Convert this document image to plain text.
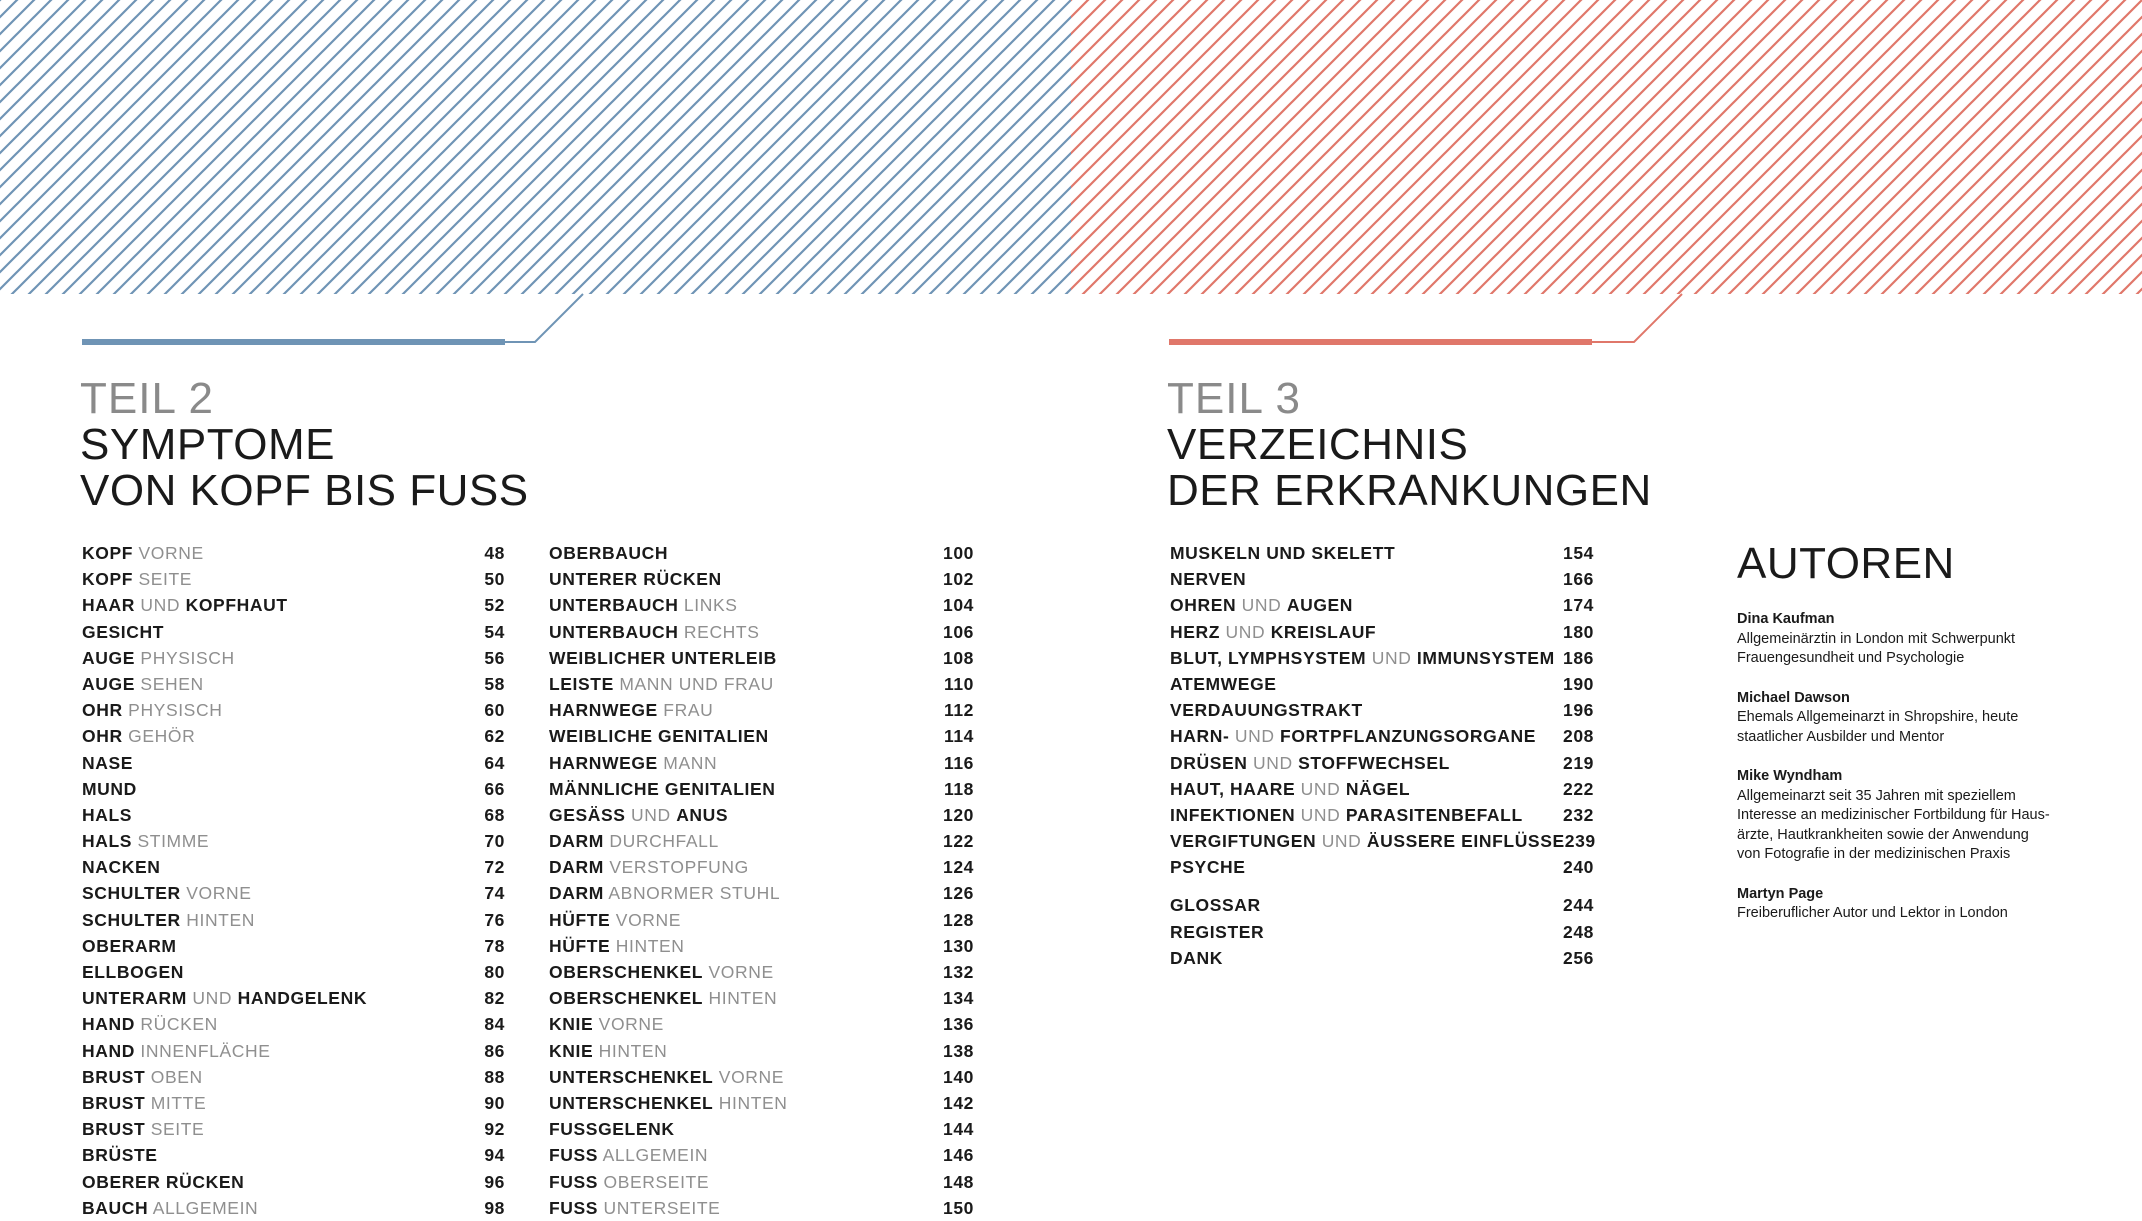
TEIL 2
SYMPTOME
VON KOPF BIS FUSS
TEIL 3
VERZEICHNIS
DER ERKRANKUNGEN
KOPF VORNE	48
KOPF SEITE	50
HAAR UND KOPFHAUT	52
GESICHT	54
AUGE PHYSISCH	56
AUGE SEHEN	58
OHR PHYSISCH	60
OHR GEHÖR	62
NASE	64
MUND	66
HALS	68
HALS STIMME	70
NACKEN	72
SCHULTER VORNE	74
SCHULTER HINTEN	76
OBERARM	78
ELLBOGEN	80
UNTERARM UND HANDGELENK	82
HAND RÜCKEN	84
HAND INNENFLÄCHE	86
BRUST OBEN	88
BRUST MITTE	90
BRUST SEITE	92
BRÜSTE	94
OBERER RÜCKEN	96
BAUCH ALLGEMEIN	98
OBERBAUCH	100
UNTERER RÜCKEN	102
UNTERBAUCH LINKS	104
UNTERBAUCH RECHTS	106
WEIBLICHER UNTERLEIB	108
LEISTE MANN UND FRAU	110
HARNWEGE FRAU	112
WEIBLICHE GENITALIEN	114
HARNWEGE MANN	116
MÄNNLICHE GENITALIEN	118
GESÄSS UND ANUS	120
DARM DURCHFALL	122
DARM VERSTOPFUNG	124
DARM ABNORMER STUHL	126
HÜFTE VORNE	128
HÜFTE HINTEN	130
OBERSCHENKEL VORNE	132
OBERSCHENKEL HINTEN	134
KNIE VORNE	136
KNIE HINTEN	138
UNTERSCHENKEL VORNE	140
UNTERSCHENKEL HINTEN	142
FUSSGELENK	144
FUSS ALLGEMEIN	146
FUSS OBERSEITE	148
FUSS UNTERSEITE	150
MUSKELN UND SKELETT	154
NERVEN	166
OHREN UND AUGEN	174
HERZ UND KREISLAUF	180
BLUT, LYMPHSYSTEM UND IMMUNSYSTEM 186
ATEMWEGE	190
VERDAUUNGSTRAKT	196
HARN- UND FORTPFLANZUNGSORGANE 208
DRÜSEN UND STOFFWECHSEL	219
HAUT, HAARE UND NÄGEL	222
INFEKTIONEN UND PARASITENBEFALL 232
VERGIFTUNGEN UND ÄUSSERE EINFLÜSSE 239
PSYCHE	240
GLOSSAR	244
REGISTER	248
DANK	256
AUTOREN
Dina Kaufman
Allgemeinärztin in London mit Schwerpunkt
Frauengesundheit und Psychologie
Michael Dawson
Ehemals Allgemeinarzt in Shropshire, heute
staatlicher Ausbilder und Mentor
Mike Wyndham
Allgemeinarzt seit 35 Jahren mit speziellem
Interesse an medizinischer Fortbildung für Haus-
ärzte, Hautkrankheiten sowie der Anwendung
von Fotografie in der medizinischen Praxis
Martyn Page
Freiberuflicher Autor und Lektor in London
